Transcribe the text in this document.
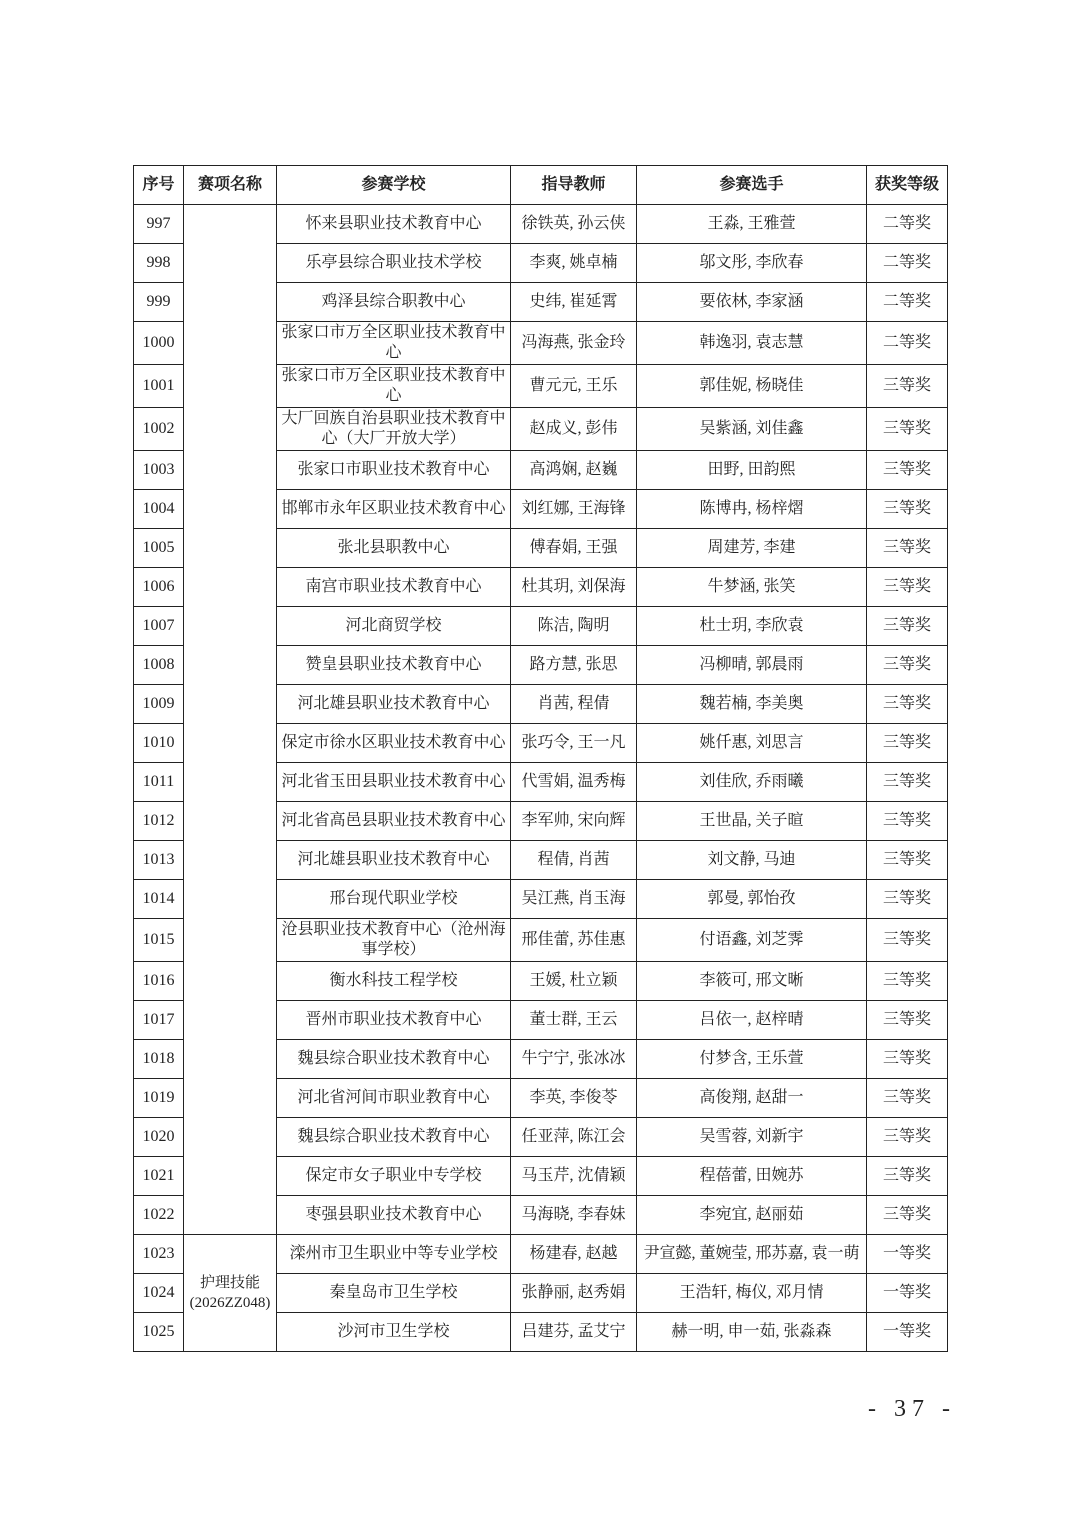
序号	赛项名称	参赛学校	指导教师	参赛选手	获奖等级
997		怀来县职业技术教育中心	徐铁英, 孙云侠	王淼, 王雅萱	二等奖
998		乐亭县综合职业技术学校	李爽, 姚卓楠	邬文彤, 李欣春	二等奖
999		鸡泽县综合职教中心	史纬, 崔延霄	要依林, 李家涵	二等奖
1000		张家口市万全区职业技术教育中心	冯海燕, 张金玲	韩逸羽, 袁志慧	二等奖
1001		张家口市万全区职业技术教育中心	曹元元, 王乐	郭佳妮, 杨晓佳	三等奖
1002		大厂回族自治县职业技术教育中心（大厂开放大学）	赵成义, 彭伟	吴紫涵, 刘佳鑫	三等奖
1003		张家口市职业技术教育中心	高鸿娴, 赵巍	田野, 田韵熙	三等奖
1004		邯郸市永年区职业技术教育中心	刘红娜, 王海锋	陈博冉, 杨梓熠	三等奖
1005		张北县职教中心	傅春娟, 王强	周建芳, 李建	三等奖
1006		南宫市职业技术教育中心	杜其玥, 刘保海	牛梦涵, 张笑	三等奖
1007		河北商贸学校	陈洁, 陶明	杜士玥, 李欣袁	三等奖
1008		赞皇县职业技术教育中心	路方慧, 张思	冯柳晴, 郭晨雨	三等奖
1009		河北雄县职业技术教育中心	肖茜, 程倩	魏若楠, 李美奥	三等奖
1010		保定市徐水区职业技术教育中心	张巧令, 王一凡	姚仟惠, 刘思言	三等奖
1011		河北省玉田县职业技术教育中心	代雪娟, 温秀梅	刘佳欣, 乔雨曦	三等奖
1012		河北省高邑县职业技术教育中心	李军帅, 宋向辉	王世晶, 关子暄	三等奖
1013		河北雄县职业技术教育中心	程倩, 肖茜	刘文静, 马迪	三等奖
1014		邢台现代职业学校	吴江燕, 肖玉海	郭曼, 郭怡孜	三等奖
1015		沧县职业技术教育中心（沧州海事学校）	邢佳蕾, 苏佳惠	付语鑫, 刘芝霁	三等奖
1016		衡水科技工程学校	王媛, 杜立颖	李筱可, 邢文晰	三等奖
1017		晋州市职业技术教育中心	董士群, 王云	吕依一, 赵梓晴	三等奖
1018		魏县综合职业技术教育中心	牛宁宁, 张冰冰	付梦含, 王乐萱	三等奖
1019		河北省河间市职业教育中心	李英, 李俊苓	高俊翔, 赵甜一	三等奖
1020		魏县综合职业技术教育中心	任亚萍, 陈江会	吴雪蓉, 刘新宇	三等奖
1021		保定市女子职业中专学校	马玉芹, 沈倩颖	程蓓蕾, 田婉苏	三等奖
1022		枣强县职业技术教育中心	马海晓, 李春妹	李宛宜, 赵丽茹	三等奖
1023	护理技能(2026ZZ048)	滦州市卫生职业中等专业学校	杨建春, 赵越	尹宣懿, 董婉莹, 邢苏嘉, 袁一萌	一等奖
1024		秦皇岛市卫生学校	张静丽, 赵秀娟	王浩轩, 梅仪, 邓月情	一等奖
1025		沙河市卫生学校	吕建芬, 孟艾宁	赫一明, 申一茹, 张淼森	一等奖
- 37 -
